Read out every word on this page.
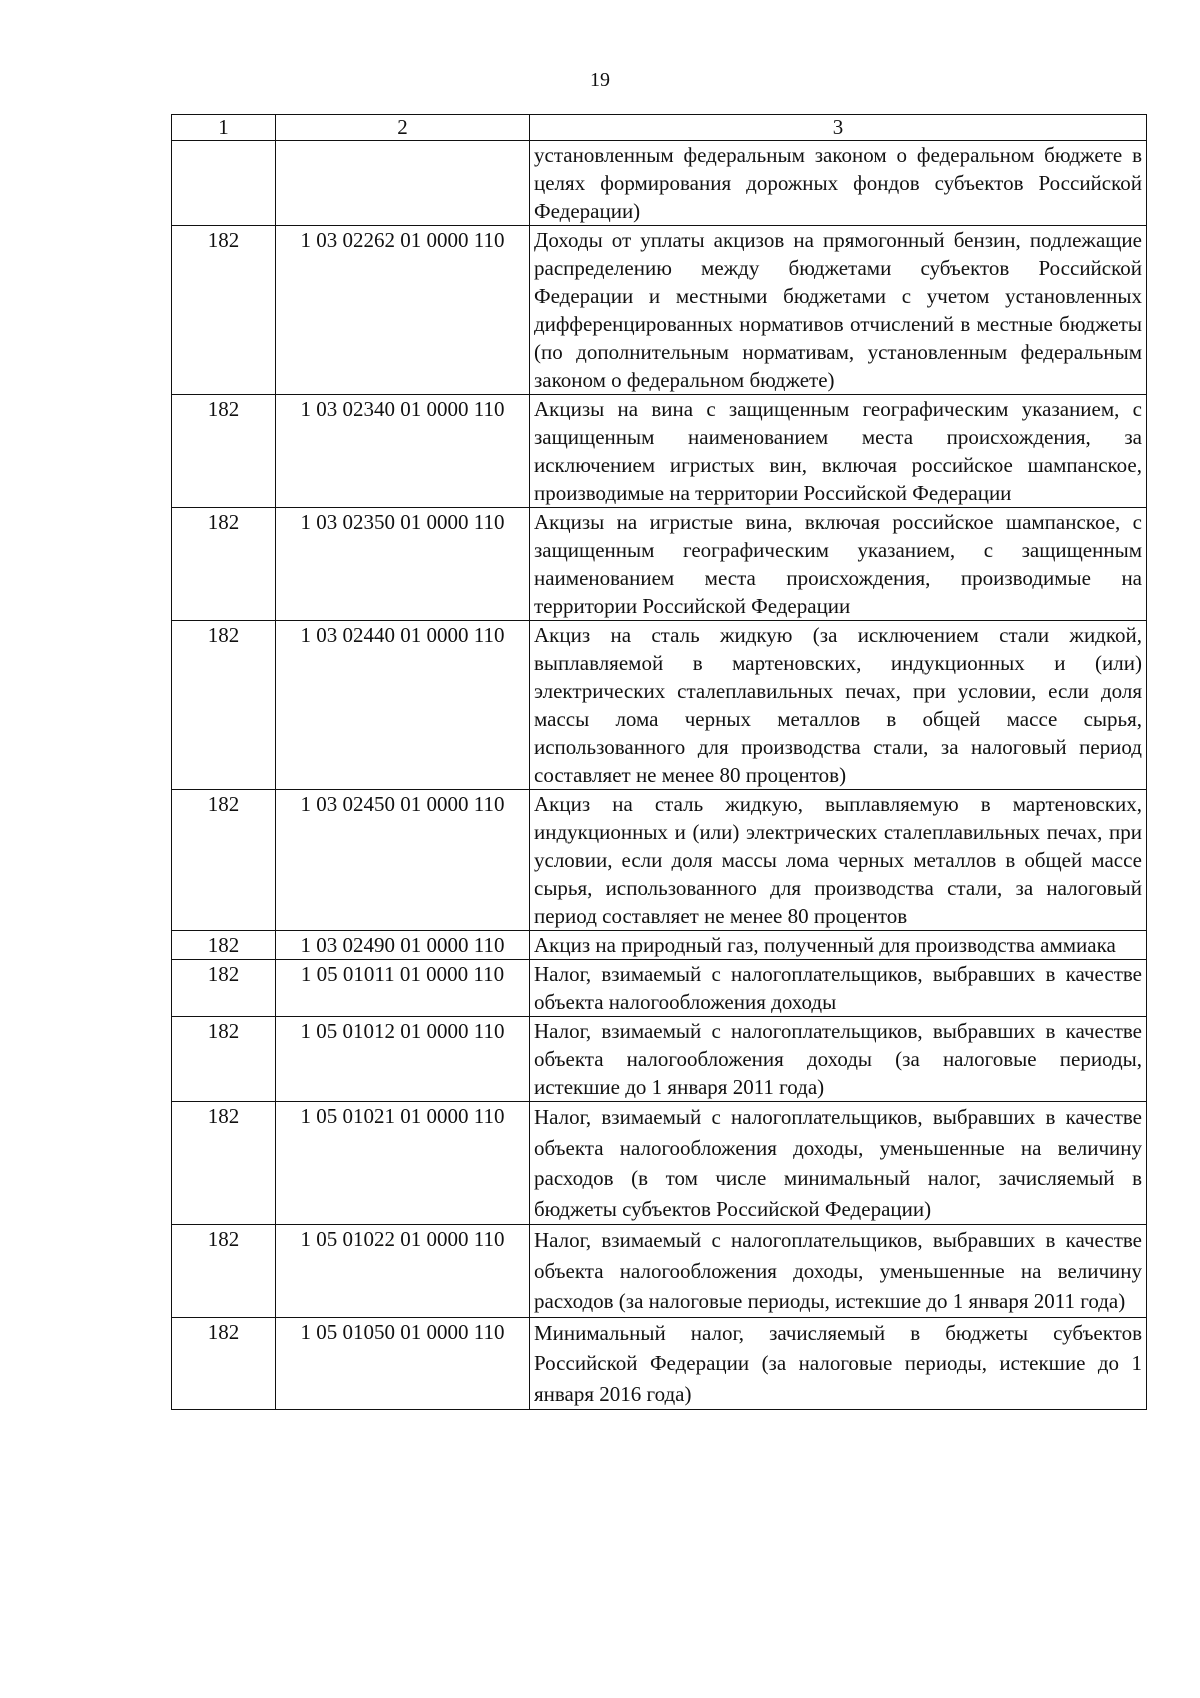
19
1	2	3
		установленным федеральным законом о федеральном бюджете в целях формирования дорожных фондов субъектов Российской Федерации)
182	1 03 02262 01 0000 110	Доходы от уплаты акцизов на прямогонный бензин, подлежащие распределению между бюджетами субъектов Российской Федерации и местными бюджетами с учетом установленных дифференцированных нормативов отчислений в местные бюджеты (по дополнительным нормативам, установленным федеральным законом о федеральном бюджете)
182	1 03 02340 01 0000 110	Акцизы на вина с защищенным географическим указанием, с защищенным наименованием места происхождения, за исключением игристых вин, включая российское шампанское, производимые на территории Российской Федерации
182	1 03 02350 01 0000 110	Акцизы на игристые вина, включая российское шампанское, с защищенным географическим указанием, с защищенным наименованием места происхождения, производимые на территории Российской Федерации
182	1 03 02440 01 0000 110	Акциз на сталь жидкую (за исключением стали жидкой, выплавляемой в мартеновских, индукционных и (или) электрических сталеплавильных печах, при условии, если доля массы лома черных металлов в общей массе сырья, использованного для производства стали, за налоговый период составляет не менее 80 процентов)
182	1 03 02450 01 0000 110	Акциз на сталь жидкую, выплавляемую в мартеновских, индукционных и (или) электрических сталеплавильных печах, при условии, если доля массы лома черных металлов в общей массе сырья, использованного для производства стали, за налоговый период составляет не менее 80 процентов
182	1 03 02490 01 0000 110	Акциз на природный газ, полученный для производства аммиака
182	1 05 01011 01 0000 110	Налог, взимаемый с налогоплательщиков, выбравших в качестве объекта налогообложения доходы
182	1 05 01012 01 0000 110	Налог, взимаемый с налогоплательщиков, выбравших в качестве объекта налогообложения доходы (за налоговые периоды, истекшие до 1 января 2011 года)
182	1 05 01021 01 0000 110	Налог, взимаемый с налогоплательщиков, выбравших в качестве объекта налогообложения доходы, уменьшенные на величину расходов (в том числе минимальный налог, зачисляемый в бюджеты субъектов Российской Федерации)
182	1 05 01022 01 0000 110	Налог, взимаемый с налогоплательщиков, выбравших в качестве объекта налогообложения доходы, уменьшенные на величину расходов (за налоговые периоды, истекшие до 1 января 2011 года)
182	1 05 01050 01 0000 110	Минимальный налог, зачисляемый в бюджеты субъектов Российской Федерации (за налоговые периоды, истекшие до 1 января 2016 года)
